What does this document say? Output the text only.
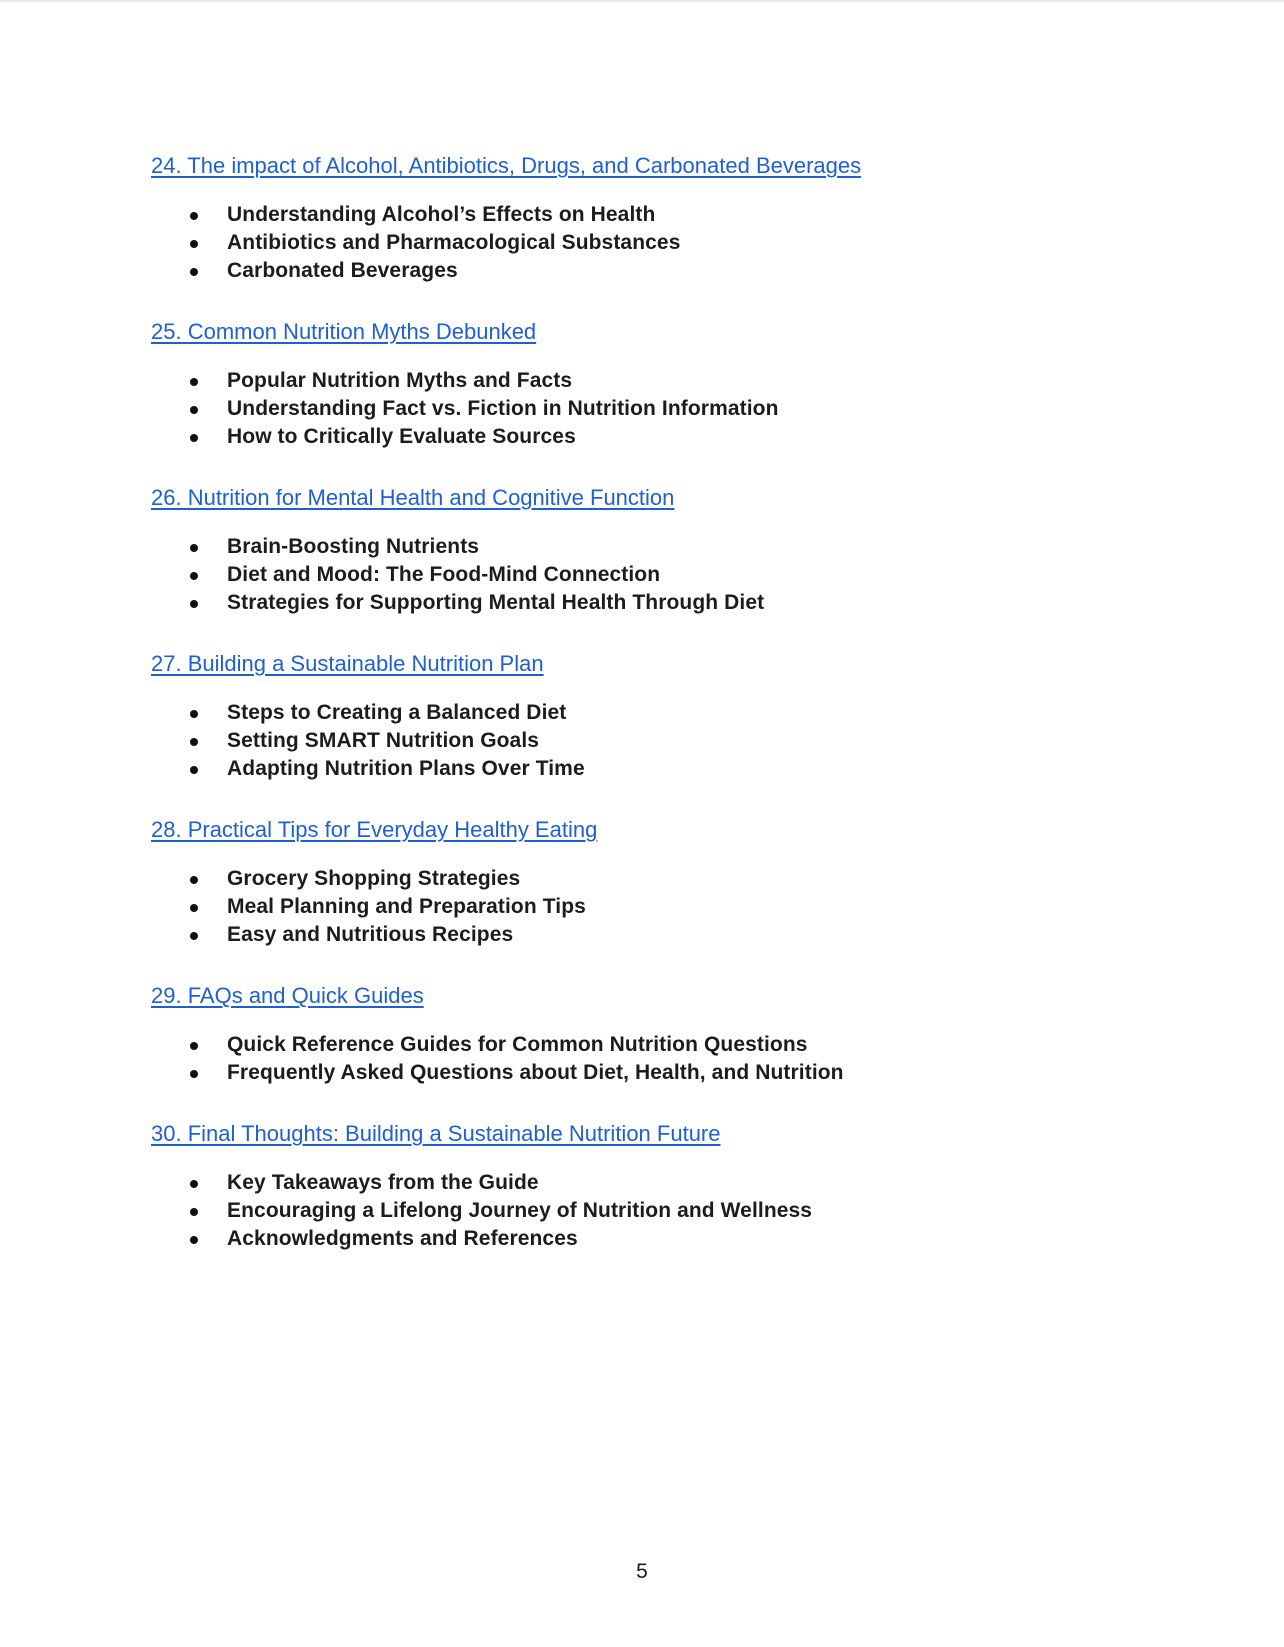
24. The impact of Alcohol, Antibiotics, Drugs, and Carbonated Beverages
Understanding Alcohol’s Effects on Health
Antibiotics and Pharmacological Substances
Carbonated Beverages
25. Common Nutrition Myths Debunked
Popular Nutrition Myths and Facts
Understanding Fact vs. Fiction in Nutrition Information
How to Critically Evaluate Sources
26. Nutrition for Mental Health and Cognitive Function
Brain-Boosting Nutrients
Diet and Mood: The Food-Mind Connection
Strategies for Supporting Mental Health Through Diet
27. Building a Sustainable Nutrition Plan
Steps to Creating a Balanced Diet
Setting SMART Nutrition Goals
Adapting Nutrition Plans Over Time
28. Practical Tips for Everyday Healthy Eating
Grocery Shopping Strategies
Meal Planning and Preparation Tips
Easy and Nutritious Recipes
29. FAQs and Quick Guides
Quick Reference Guides for Common Nutrition Questions
Frequently Asked Questions about Diet, Health, and Nutrition
30. Final Thoughts: Building a Sustainable Nutrition Future
Key Takeaways from the Guide
Encouraging a Lifelong Journey of Nutrition and Wellness
Acknowledgments and References
5
